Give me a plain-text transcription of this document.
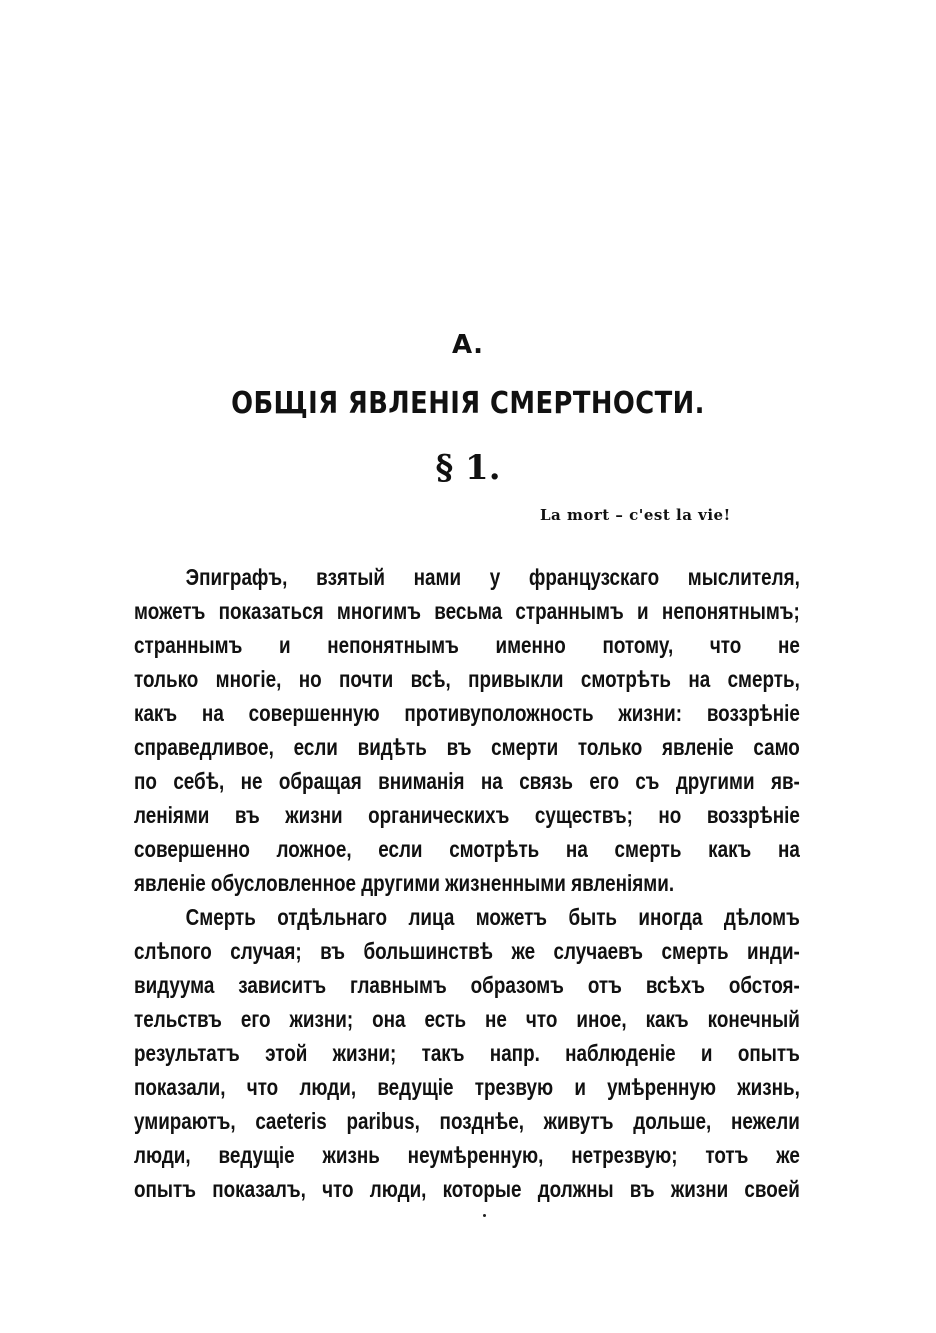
А.
ОБЩІЯ ЯВЛЕНІЯ СМЕРТНОСТИ.
§ 1.
La mort – c'est la vie!
Эпиграфъ, взятый нами у французскаго мыслителя,
можетъ показаться многимъ весьма страннымъ и непонятнымъ;
страннымъ и непонятнымъ именно потому, что не
только многіе, но почти всѣ, привыкли смотрѣть на смерть,
какъ на совершенную противуположность жизни: воззрѣніе
справедливое, если видѣть въ смерти только явленіе само
по себѣ, не обращая вниманія на связь его съ другими яв-
леніями въ жизни органическихъ существъ; но воззрѣніе
совершенно ложное, если смотрѣть на смерть какъ на
явленіе обусловленное другими жизненными явленіями.
Смерть отдѣльнаго лица можетъ быть иногда дѣломъ
слѣпого случая; въ большинствѣ же случаевъ смерть инди-
видуума зависитъ главнымъ образомъ отъ всѣхъ обстоя-
тельствъ его жизни; она есть не что иное, какъ конечный
результатъ этой жизни; такъ напр. наблюденіе и опытъ
показали, что люди, ведущіе трезвую и умѣренную жизнь,
умираютъ, caeteris paribus, позднѣе, живутъ дольше, нежели
люди, ведущіе жизнь неумѣренную, нетрезвую; тотъ же
опытъ показалъ, что люди, которые должны въ жизни своей
